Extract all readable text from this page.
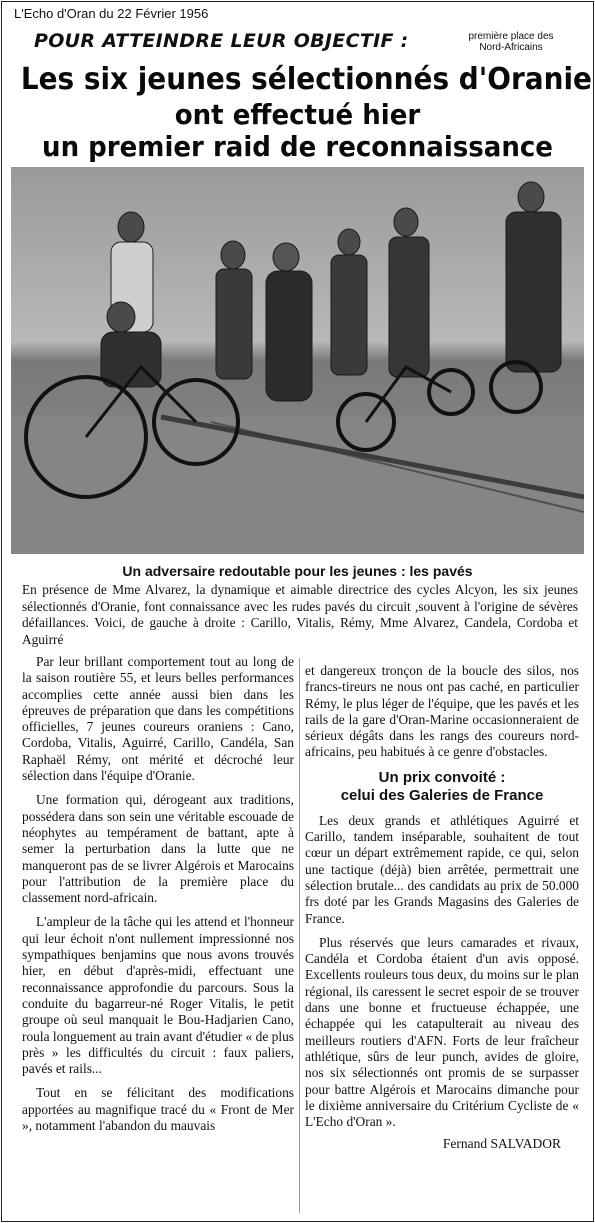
L'Echo d'Oran du 22 Février 1956
POUR ATTEINDRE LEUR OBJECTIF :	première place des
Nord-Africains
Les six jeunes sélectionnés d'Oranie
ont effectué hier
un premier raid de reconnaissance
Un adversaire redoutable pour les jeunes : les pavés
En présence de Mme Alvarez, la dynamique et aimable directrice des cycles Alcyon, les six jeunes sélectionnés d'Oranie, font connaissance avec les rudes pavés du circuit ,souvent à l'origine de sévères défaillances. Voici, de gauche à droite : Carillo, Vitalis, Rémy, Mme Alvarez, Candela, Cordoba et Aguirré

Par leur brillant comportement tout au long de la saison routière 55, et leurs belles performances accomplies cette année aussi bien dans les épreuves de préparation que dans les compétitions officielles, 7 jeunes coureurs oraniens : Cano, Cordoba, Vitalis, Aguirré, Carillo, Candéla, San Raphaël Rémy, ont mérité et décroché leur sélection dans l'équipe d'Oranie.

Une formation qui, dérogeant aux traditions, possédera dans son sein une véritable escouade de néophytes au tempérament de battant, apte à semer la perturbation dans la lutte que ne manqueront pas de se livrer Algérois et Marocains pour l'attribution de la première place du classement nord-africain.

L'ampleur de la tâche qui les attend et l'honneur qui leur échoit n'ont nullement impressionné nos sympathiques benjamins que nous avons trouvés hier, en début d'après-midi, effectuant une reconnaissance approfondie du parcours. Sous la conduite du bagarreur-né Roger Vitalis, le petit groupe où seul manquait le Bou-Hadjarien Cano, roula longuement au train avant d'étudier « de plus près » les difficultés du circuit : faux paliers, pavés et rails...

Tout en se félicitant des modifications apportées au magnifique tracé du « Front de Mer », notamment l'abandon du mauvais

et dangereux tronçon de la boucle des silos, nos francs-tireurs ne nous ont pas caché, en particulier Rémy, le plus léger de l'équipe, que les pavés et les rails de la gare d'Oran-Marine occasionneraient de sérieux dégâts dans les rangs des coureurs nord-africains, peu habitués à ce genre d'obstacles.

Un prix convoité :
celui des Galeries de France

Les deux grands et athlétiques Aguirré et Carillo, tandem inséparable, souhaitent de tout cœur un départ extrêmement rapide, ce qui, selon une tactique (déjà) bien arrêtée, permettrait une sélection brutale... des candidats au prix de 50.000 frs doté par les Grands Magasins des Galeries de France.

Plus réservés que leurs camarades et rivaux, Candéla et Cordoba étaient d'un avis opposé. Excellents rouleurs tous deux, du moins sur le plan régional, ils caressent le secret espoir de se trouver dans une bonne et fructueuse échappée, une échappée qui les catapulterait au niveau des meilleurs routiers d'AFN. Forts de leur fraîcheur athlétique, sûrs de leur punch, avides de gloire, nos six sélectionnés ont promis de se surpasser pour battre Algérois et Marocains dimanche pour le dixième anniversaire du Critérium Cycliste de « L'Echo d'Oran ».

Fernand SALVADOR
